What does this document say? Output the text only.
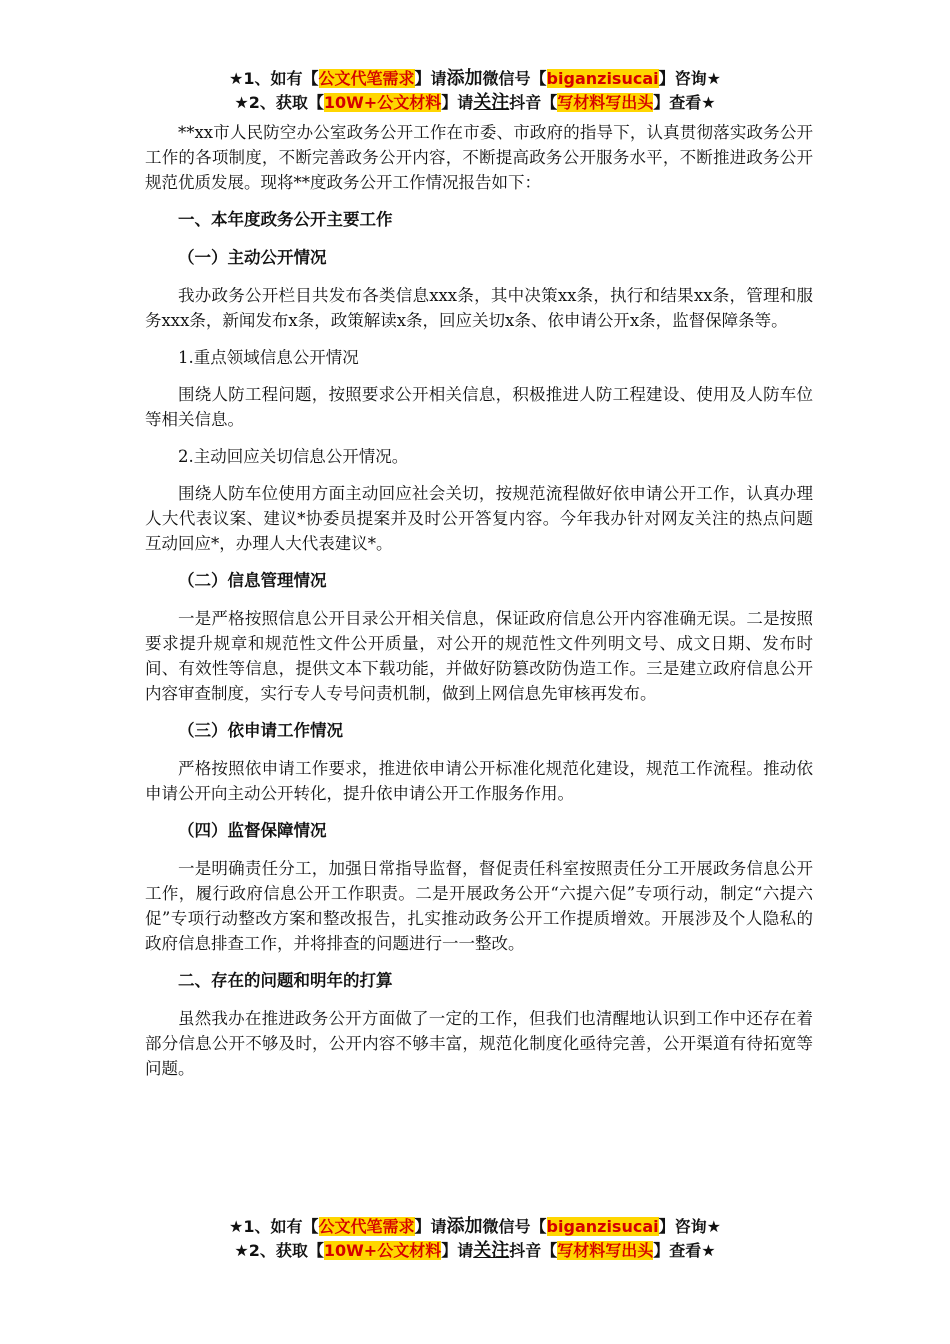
★1、如有【公文代笔需求】请添加微信号【biganzisucai】咨询★
★2、获取【10W+公文材料】请关注抖音【写材料写出头】查看★

**xx市人民防空办公室政务公开工作在市委、市政府的指导下，认真贯彻落实政务公开工作的各项制度，不断完善政务公开内容，不断提高政务公开服务水平，不断推进政务公开规范优质发展。现将**度政务公开工作情况报告如下：

一、本年度政务公开主要工作
（一）主动公开情况

我办政务公开栏目共发布各类信息xxx条，其中决策xx条，执行和结果xx条，管理和服务xxx条，新闻发布x条，政策解读x条，回应关切x条、依申请公开x条，监督保障条等。

1.重点领域信息公开情况

围绕人防工程问题，按照要求公开相关信息，积极推进人防工程建设、使用及人防车位等相关信息。

2.主动回应关切信息公开情况。

围绕人防车位使用方面主动回应社会关切，按规范流程做好依申请公开工作，认真办理人大代表议案、建议*协委员提案并及时公开答复内容。今年我办针对网友关注的热点问题互动回应*，办理人大代表建议*。

（二）信息管理情况

一是严格按照信息公开目录公开相关信息，保证政府信息公开内容准确无误。二是按照要求提升规章和规范性文件公开质量，对公开的规范性文件列明文号、成文日期、发布时间、有效性等信息，提供文本下载功能，并做好防篡改防伪造工作。三是建立政府信息公开内容审查制度，实行专人专号问责机制，做到上网信息先审核再发布。

（三）依申请工作情况

严格按照依申请工作要求，推进依申请公开标准化规范化建设，规范工作流程。推动依申请公开向主动公开转化，提升依申请公开工作服务作用。

（四）监督保障情况

一是明确责任分工，加强日常指导监督，督促责任科室按照责任分工开展政务信息公开工作，履行政府信息公开工作职责。二是开展政务公开“六提六促”专项行动，制定“六提六促”专项行动整改方案和整改报告，扎实推动政务公开工作提质增效。开展涉及个人隐私的政府信息排查工作，并将排查的问题进行一一整改。

二、存在的问题和明年的打算

虽然我办在推进政务公开方面做了一定的工作，但我们也清醒地认识到工作中还存在着部分信息公开不够及时，公开内容不够丰富，规范化制度化亟待完善，公开渠道有待拓宽等问题。

★1、如有【公文代笔需求】请添加微信号【biganzisucai】咨询★
★2、获取【10W+公文材料】请关注抖音【写材料写出头】查看★
